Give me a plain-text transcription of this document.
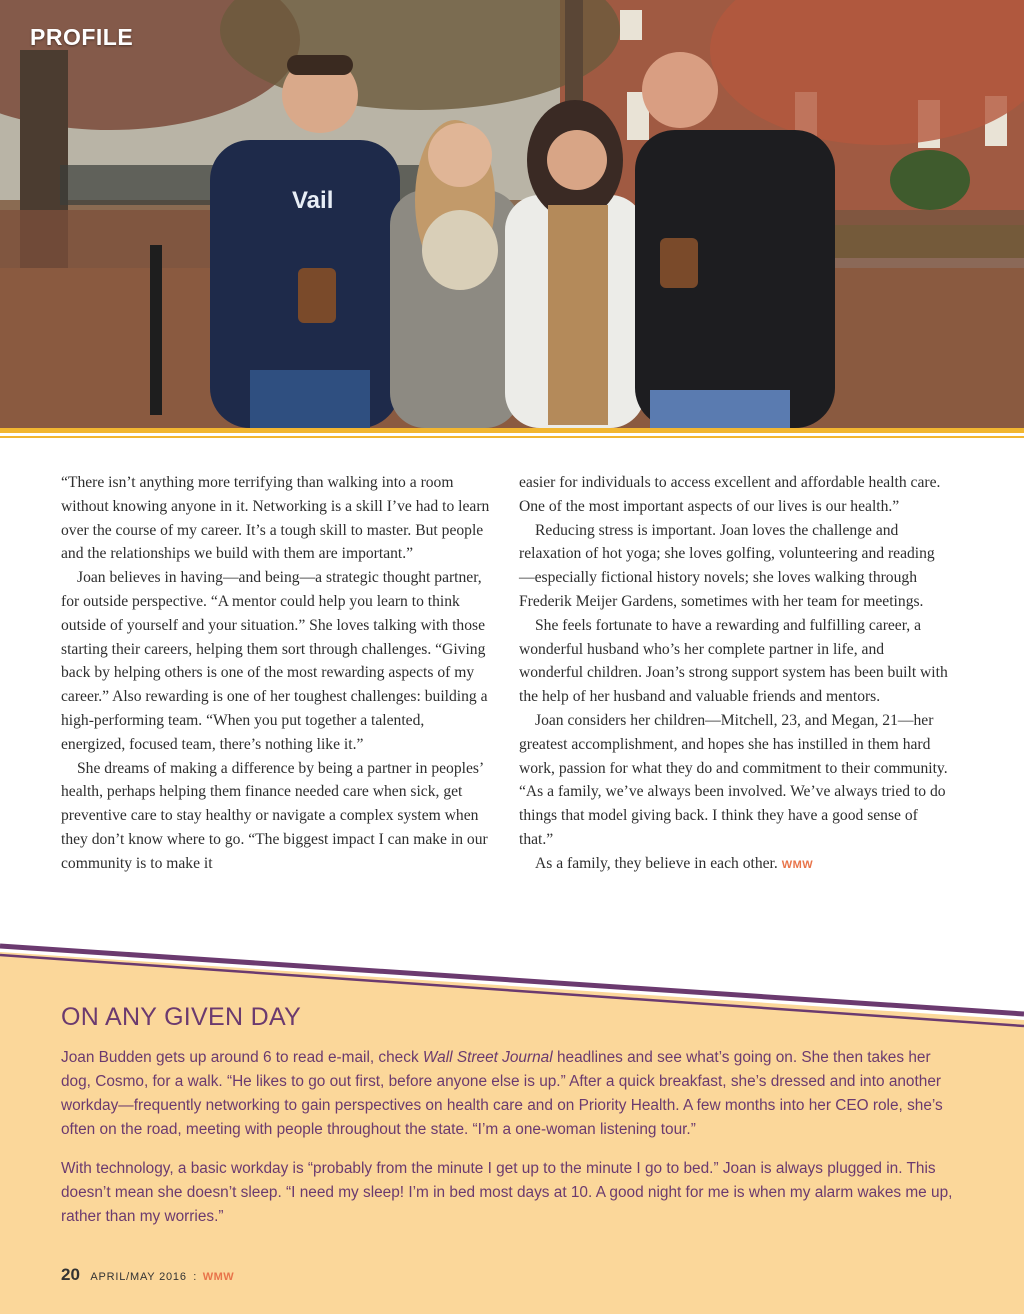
Vail
PROFILE

“There isn’t anything more terrifying than walking into a room without knowing anyone in it. Networking is a skill I’ve had to learn over the course of my career. It’s a tough skill to master. But people and the relationships we build with them are important.”

Joan believes in having—and being—a strategic thought partner, for outside perspective. “A mentor could help you learn to think outside of yourself and your situation.” She loves talking with those starting their careers, helping them sort through challenges. “Giving back by helping others is one of the most rewarding aspects of my career.” Also rewarding is one of her toughest challenges: building a high-performing team. “When you put together a talented, energized, focused team, there’s nothing like it.”

She dreams of making a difference by being a partner in peoples’ health, perhaps helping them finance needed care when sick, get preventive care to stay healthy or navigate a complex system when they don’t know where to go. “The biggest impact I can make in our community is to make it

easier for individuals to access excellent and affordable health care. One of the most important aspects of our lives is our health.”

Reducing stress is important. Joan loves the challenge and relaxation of hot yoga; she loves golfing, volunteering and reading—especially fictional history novels; she loves walking through Frederik Meijer Gardens, sometimes with her team for meetings.

She feels fortunate to have a rewarding and fulfilling career, a wonderful husband who’s her complete partner in life, and wonderful children. Joan’s strong support system has been built with the help of her husband and valuable friends and mentors.

Joan considers her children—Mitchell, 23, and Megan, 21—her greatest accomplishment, and hopes she has instilled in them hard work, passion for what they do and commitment to their community. “As a family, we’ve always been involved. We’ve always tried to do things that model giving back. I think they have a good sense of that.”

As a family, they believe in each other. WMW

ON ANY GIVEN DAY
Joan Budden gets up around 6 to read e-mail, check Wall Street Journal headlines and see what’s going on. She then takes her dog, Cosmo, for a walk. “He likes to go out first, before anyone else is up.” After a quick breakfast, she’s dressed and into another workday—frequently networking to gain perspectives on health care and on Priority Health. A few months into her CEO role, she’s often on the road, meeting with people throughout the state. “I’m a one-woman listening tour.”
With technology, a basic workday is “probably from the minute I get up to the minute I go to bed.” Joan is always plugged in. This doesn’t mean she doesn’t sleep. “I need my sleep! I’m in bed most days at 10. A good night for me is when my alarm wakes me up, rather than my worries.”
20 APRIL/MAY 2016 : WMW
